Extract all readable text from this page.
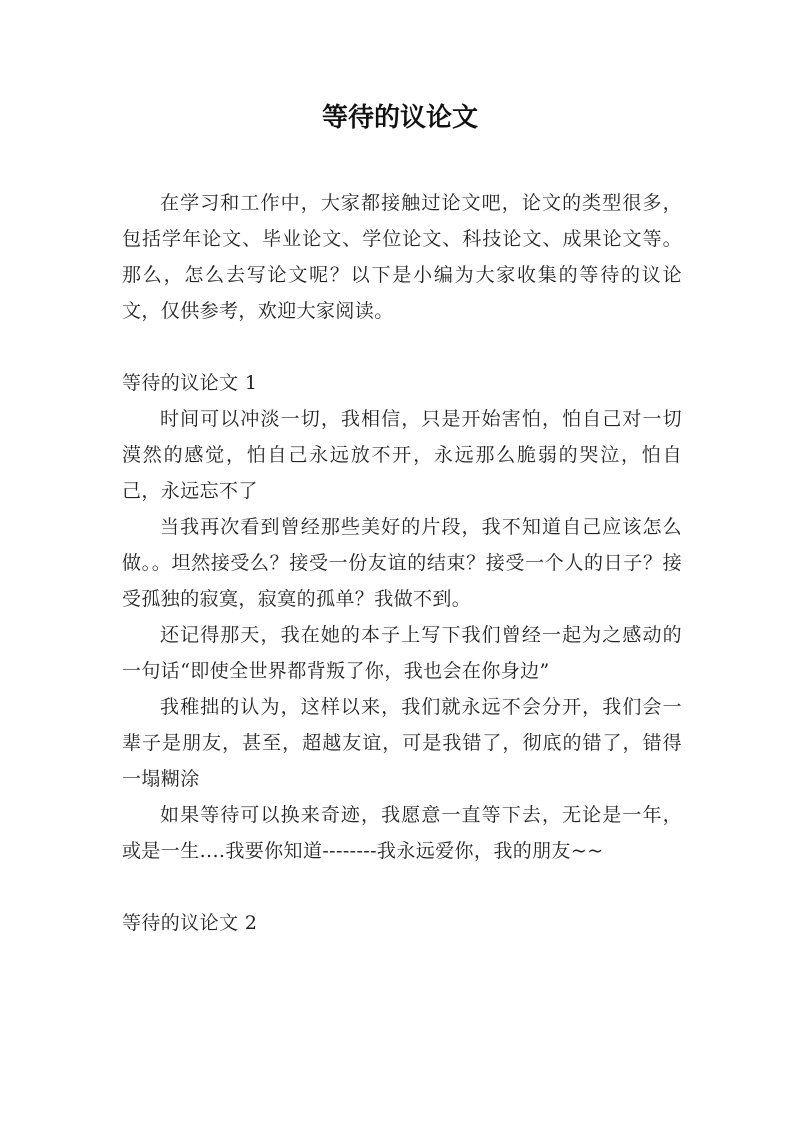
等待的议论文

在学习和工作中，大家都接触过论文吧，论文的类型很多，包括学年论文、毕业论文、学位论文、科技论文、成果论文等。那么，怎么去写论文呢？以下是小编为大家收集的等待的议论文，仅供参考，欢迎大家阅读。

等待的议论文 1

时间可以冲淡一切，我相信，只是开始害怕，怕自己对一切漠然的感觉，怕自己永远放不开，永远那么脆弱的哭泣，怕自己，永远忘不了

当我再次看到曾经那些美好的片段，我不知道自己应该怎么做。。坦然接受么？接受一份友谊的结束？接受一个人的日子？接受孤独的寂寞，寂寞的孤单？我做不到。

还记得那天，我在她的本子上写下我们曾经一起为之感动的一句话“即使全世界都背叛了你，我也会在你身边”

我稚拙的认为，这样以来，我们就永远不会分开，我们会一辈子是朋友，甚至，超越友谊，可是我错了，彻底的错了，错得一塌糊涂

如果等待可以换来奇迹，我愿意一直等下去，无论是一年，或是一生....我要你知道--------我永远爱你，我的朋友~~

等待的议论文 2
